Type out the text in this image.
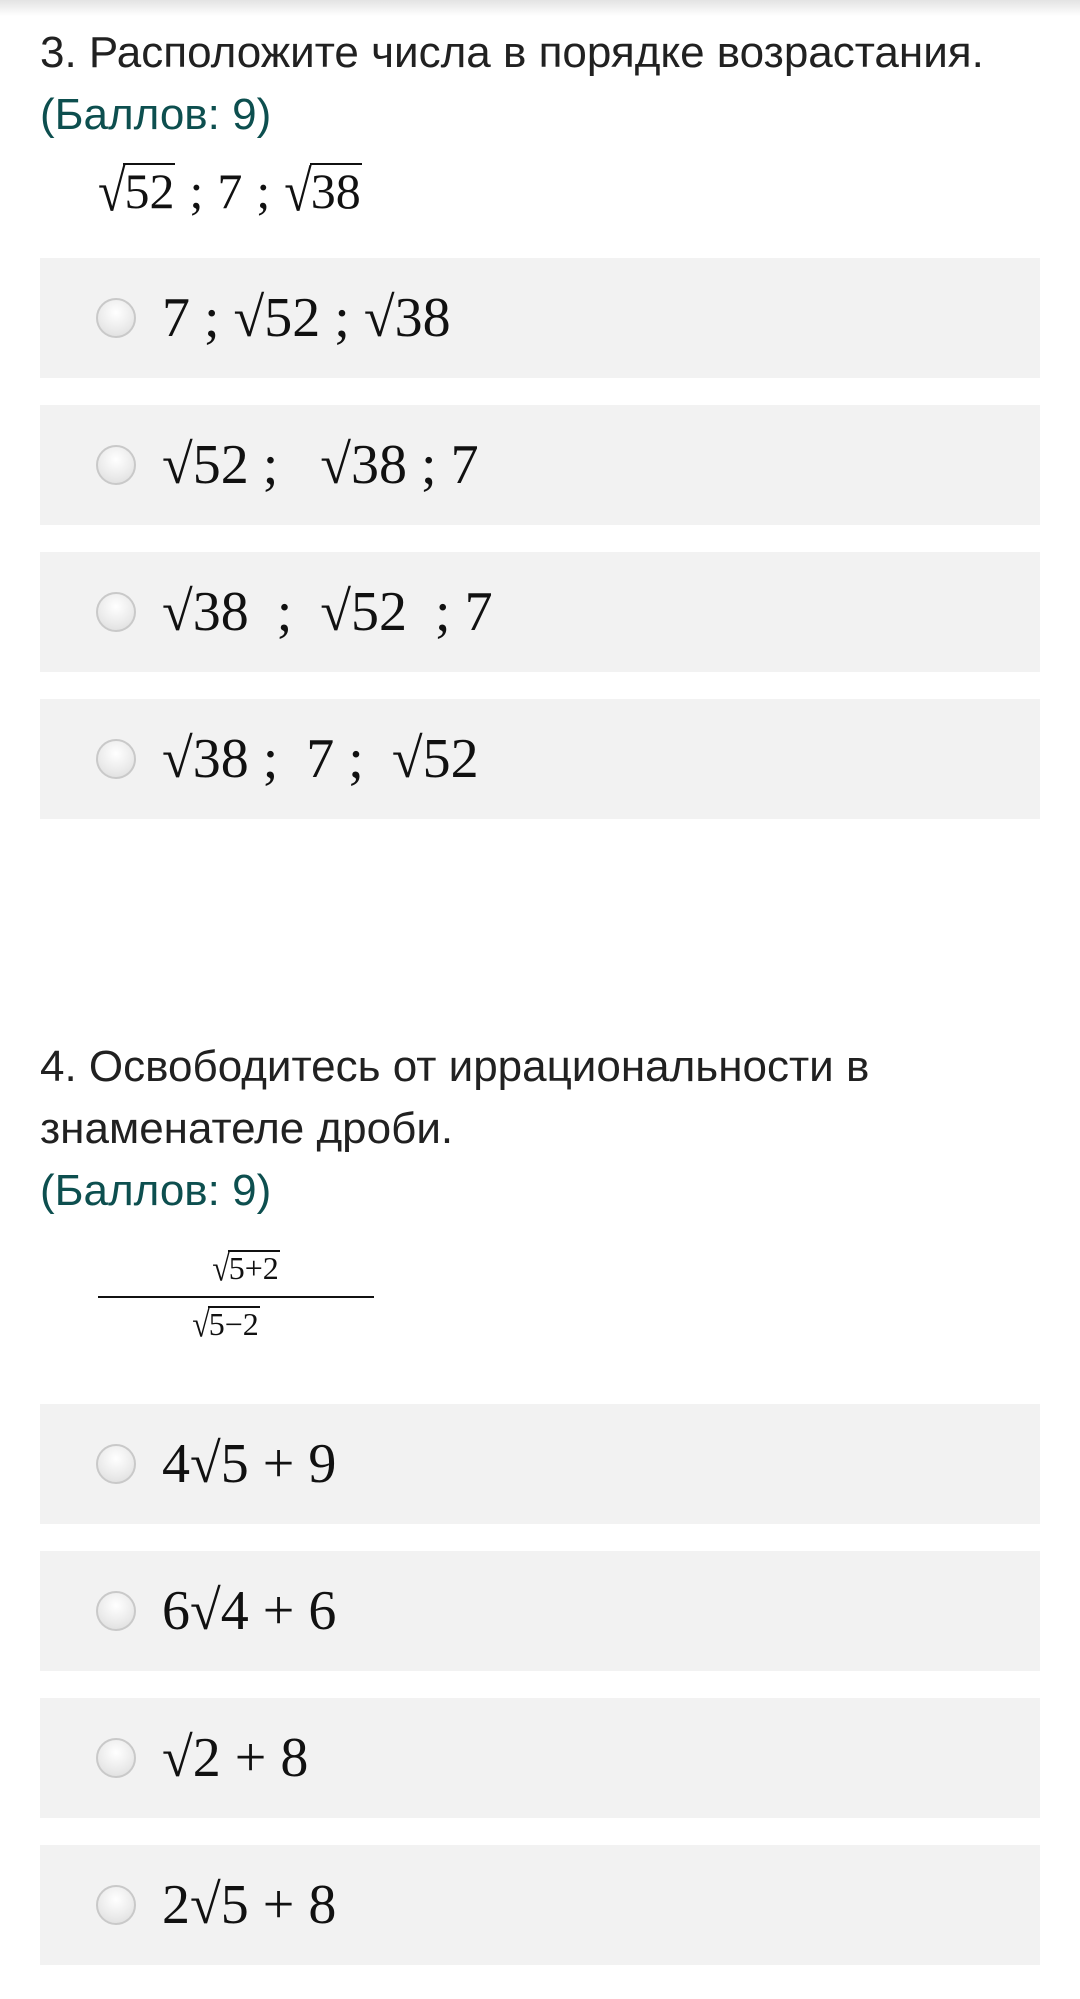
3. Расположите числа в порядке возрастания.
(Баллов: 9)
√52 ; 7 ; √38
7 ; √52 ; √38
√52 ;   √38 ; 7
√38  ;  √52  ; 7
√38 ;  7 ;  √52
4. Освободитесь от иррациональности в знаменателе дроби.
(Баллов: 9)
√5+2
√5−2
4√5 + 9
6√4 + 6
√2 + 8
2√5 + 8
